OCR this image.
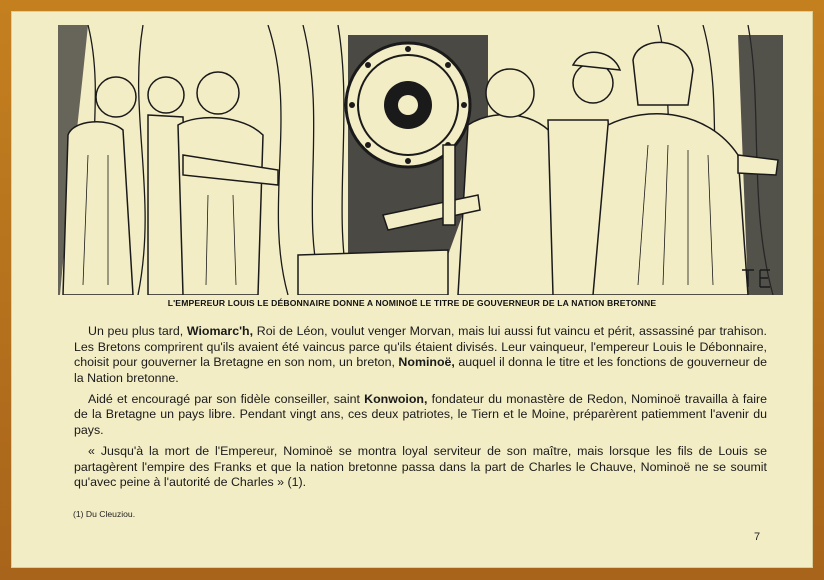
L'EMPEREUR LOUIS LE DÉBONNAIRE DONNE A NOMINOË LE TITRE DE GOUVERNEUR DE LA NATION BRETONNE

Un peu plus tard, Wiomarc'h, Roi de Léon, voulut venger Morvan, mais lui aussi fut vaincu et périt, assassiné par trahison. Les Bretons comprirent qu'ils avaient été vaincus parce qu'ils étaient divisés. Leur vainqueur, l'empereur Louis le Débonnaire, choisit pour gouverner la Bretagne en son nom, un breton, Nominoë, auquel il donna le titre et les fonctions de gouverneur de la Nation bretonne.

Aidé et encouragé par son fidèle conseiller, saint Konwoion, fondateur du monastère de Redon, Nominoë travailla à faire de la Bretagne un pays libre. Pendant vingt ans, ces deux patriotes, le Tiern et le Moine, préparèrent patiemment l'avenir du pays.

« Jusqu'à la mort de l'Empereur, Nominoë se montra loyal serviteur de son maître, mais lorsque les fils de Louis se partagèrent l'empire des Franks et que la nation bretonne passa dans la part de Charles le Chauve, Nominoë ne se soumit qu'avec peine à l'autorité de Charles » (1).

(1) Du Cleuziou.
7
